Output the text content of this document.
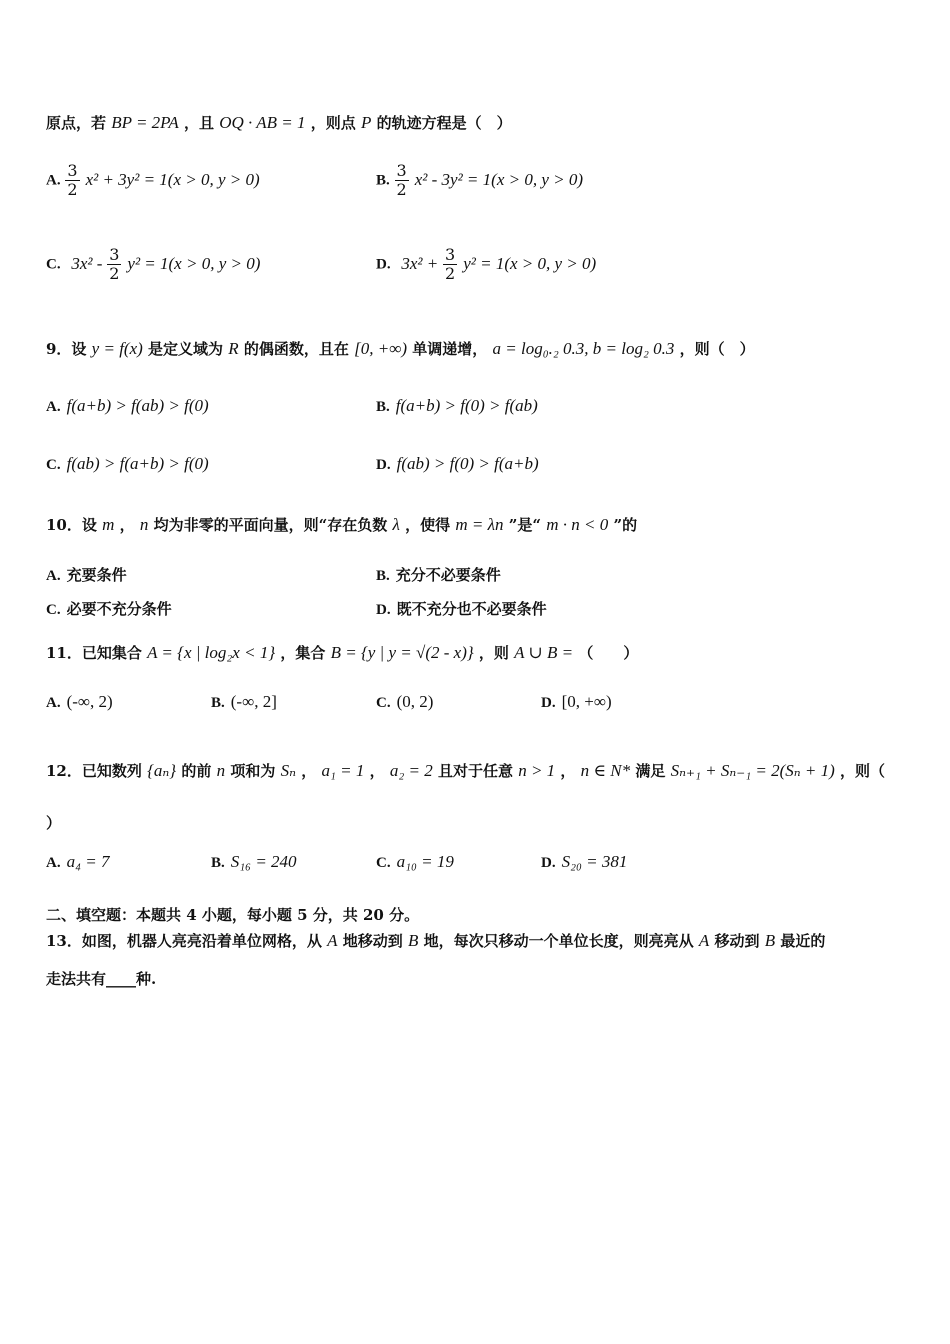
原点，若 BP = 2PA ，且 OQ · AB = 1 ，则点 P 的轨迹方程是（　）
A. $\frac{3}{2} x^2 + 3y^2 = 1(x > 0$, y > 0)	B. $\frac{3}{2} x^2 - 3y^2 = 1(x > 0$, y > 0)
C. $3x^2 - \frac{3}{2} y^2 = 1(x > 0$, y > 0)	D. $3x^2 + \frac{3}{2} y^2 = 1(x > 0$, y > 0)
9．设 y = f(x) 是定义域为 R 的偶函数，且在 [0, +∞) 单调递增， a = log₀.₂ 0.3, b = log₂ 0.3 ，则（　）
A. f(a+b) > f(ab) > f(0)	B. f(a+b) > f(0) > f(ab)
C. f(ab) > f(a+b) > f(0)	D. f(ab) > f(0) > f(a+b)
10．设 m ， n 均为非零的平面向量，则“存在负数 λ ，使得 m = λn ”是“ m · n < 0 ”的
A. 充要条件	B. 充分不必要条件
C. 必要不充分条件	D. 既不充分也不必要条件
11．已知集合 A = {x | log₂x < 1} ，集合 B = {y | y = √(2 - x)} ，则 A ∪ B = （　　）
A. (-∞, 2)	B. (-∞, 2]	C. (0, 2)	D. [0, +∞)
12．已知数列 {aₙ} 的前 n 项和为 Sₙ ， a₁ = 1 ， a₂ = 2 且对于任意 n > 1 ， n ∈ N* 满足 Sₙ₊₁ + Sₙ₋₁ = 2(Sₙ + 1) ，则（
）
A. a₄ = 7	B. S₁₆ = 240	C. a₁₀ = 19	D. S₂₀ = 381
二、填空题：本题共 4 小题，每小题 5 分，共 20 分。
13．如图，机器人亮亮沿着单位网格，从 A 地移动到 B 地，每次只移动一个单位长度，则亮亮从 A 移动到 B 最近的
走法共有____种.
